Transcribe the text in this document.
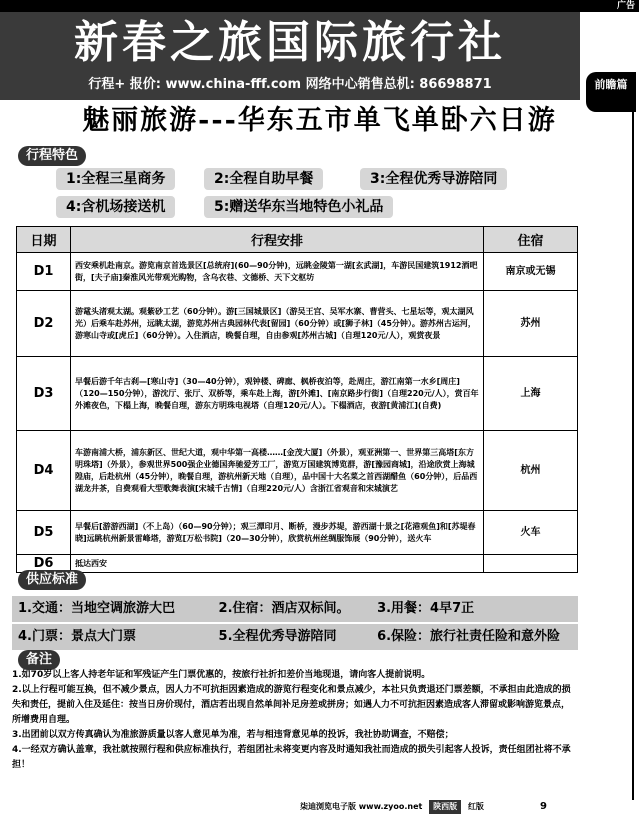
广告
新春之旅国际旅行社
行程+ 报价: www.china-fff.com 网络中心销售总机: 86698871	前瞻篇
魅丽旅游---华东五市单飞单卧六日游
行程特色
1:全程三星商务	2:全程自助早餐	3:全程优秀导游陪同
4:含机场接送机	5:赠送华东当地特色小礼品
日期	行程安排	住宿
D1	西安乘机赴南京。游览南京首选景区[总统府](60—90分钟)，远眺金陵第一湖[玄武湖]，车游民国建筑1912酒吧街，[夫子庙]秦淮风光带观光购物，含乌衣巷、文德桥、天下文枢坊	南京或无锡
D2	游鼋头渚观太湖。观紫砂工艺（60分钟）。游[三国城景区]（游吴王宫、吴军水寨、曹营头、七星坛等，观太湖风光）后乘车赴苏州，远眺太湖，游览苏州古典园林代表[留园]（60分钟）或[狮子林]（45分钟）。游苏州古运河，游寒山寺或[虎丘]（60分钟）。入住酒店，晚餐自理，自由参观[苏州古城]（自理120元/人），观赏夜景	苏州
D3	早餐后游千年古刹—[寒山寺]（30—40分钟），观钟楼、碑廊、枫桥夜泊等，赴周庄，游江南第一水乡[周庄]（120—150分钟），游沈厅、张厅、双桥等，乘车赴上海，游[外滩]、[南京路步行街]（自理220元/人），赏百年外滩夜色，下榻上海，晚餐自理，游东方明珠电视塔（自理120元/人）。下榻酒店，夜游[黄浦江](自费)	上海
D4	车游南浦大桥，浦东新区、世纪大道，观中华第一高楼……[金茂大厦]（外景），观亚洲第一、世界第三高塔[东方明珠塔]（外景），参观世界500强企业德国奔驰爱芳工厂，游览万国建筑博览群，游[豫园商城]，沿途欣赏上海城隍庙，后赴杭州（45分钟），晚餐自理，游杭州新天地（自理），品中国十大名菜之首西湖醋鱼（60分钟），后品西湖龙井茶，自费观看大型歌舞表演[宋城千古情]（自理220元/人）含浙江省观音和宋城演艺	杭州
D5	早餐后[游游西湖]（不上岛）（60—90分钟）；观三潭印月、断桥，漫步苏堤，游西湖十景之[花港观鱼]和[苏堤春晓]远眺杭州新景雷峰塔，游览[万松书院]（20—30分钟），欣赏杭州丝绸服饰展（90分钟），送火车	火车
D6	抵达西安	
供应标准
1.交通：当地空调旅游大巴	2.住宿：酒店双标间。 3.用餐：4早7正
4.门票：景点大门票	5.全程优秀导游陪同	6.保险：旅行社责任险和意外险
备注

1.如70岁以上客人持老年证和军残证产生门票优惠的，按旅行社折扣差价当地现退，请向客人提前说明。

2.以上行程可能互换，但不减少景点，因人力不可抗拒因素造成的游览行程变化和景点减少，本社只负责退还门票差额，不承担由此造成的损失和责任，提前入住及延住：按当日房价现付，酒店若出现自然单间补足房差或拼房；如遇人力不可抗拒因素造成客人滞留或影响游览景点，所增费用自理。

3.出团前以双方传真确认为准旅游质量以客人意见单为准，若与相违背意见单的投诉，我社协助调查，不赔偿；

4.一经双方确认盖章，我社就按照行程和供应标准执行，若组团社未将变更内容及时通知我社而造成的损失引起客人投诉，责任组团社将不承担！

柒迪浏览电子版 www.zyoo.net 陕西版 红版	9
